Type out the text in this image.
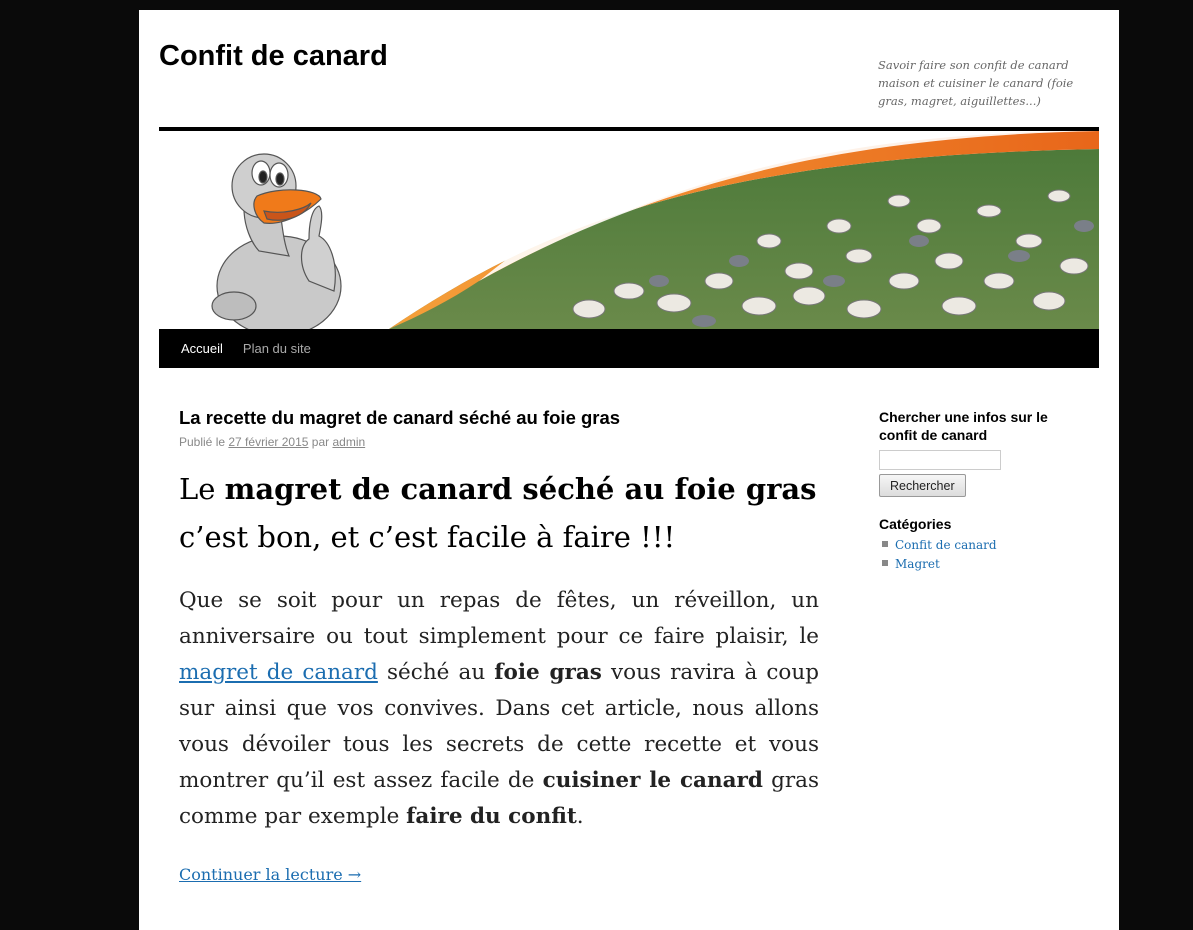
Confit de canard	Savoir faire son confit de canard maison et cuisiner le canard (foie gras, magret, aiguillettes...)
Accueil Plan du site
La recette du magret de canard séché au foie gras
Publié le 27 février 2015 par admin
Le magret de canard séché au foie gras
c’est bon, et c’est facile à faire !!!
Que se soit pour un repas de fêtes, un réveillon, un anniversaire ou tout simplement pour ce faire plaisir, le magret de canard séché au foie gras vous ravira à coup sur ainsi que vos convives. Dans cet article, nous allons vous dévoiler tous les secrets de cette recette et vous montrer qu’il est assez facile de cuisiner le canard gras comme par exemple faire du confit.
Continuer la lecture →
Chercher une infos sur le confit de canard
Rechercher
Catégories
Confit de canard
Magret
